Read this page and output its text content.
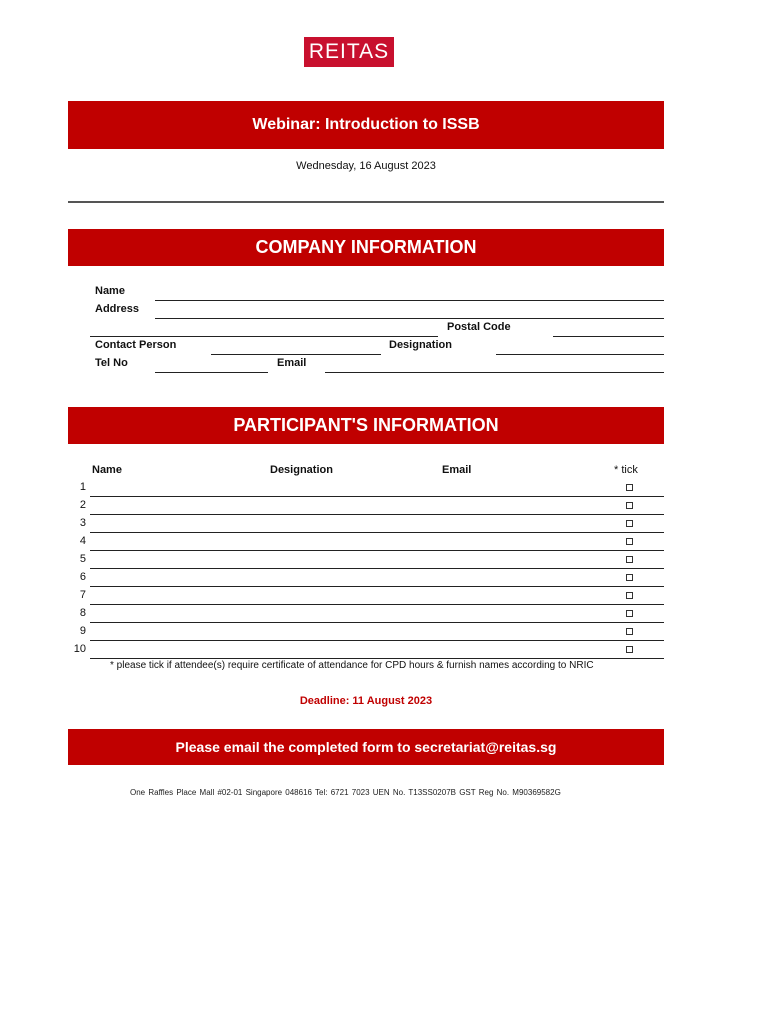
REITAS
Webinar: Introduction to ISSB
Wednesday, 16 August 2023
COMPANY INFORMATION
Name
Address
Postal Code
Contact Person	Designation
Tel No	Email
PARTICIPANT'S INFORMATION
Name	Designation	Email	* tick
1
2
3
4
5
6
7
8
9
10
* please tick if attendee(s) require certificate of attendance for CPD hours & furnish names according to NRIC
Deadline: 11 August 2023
Please email the completed form to secretariat@reitas.sg
One Raffles Place Mall #02-01 Singapore 048616 Tel: 6721 7023 UEN No. T13SS0207B GST Reg No. M90369582G
